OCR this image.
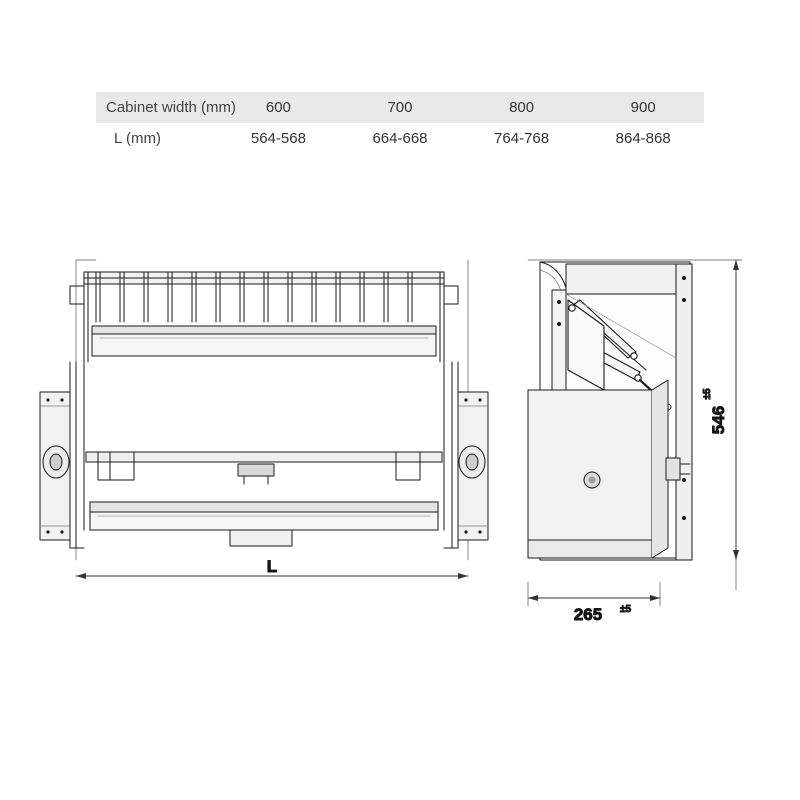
Cabinet width (mm)	600	700	800	900
L (mm)	564-568	664-668	764-768	864-868
L
546
±5
265 ±5
